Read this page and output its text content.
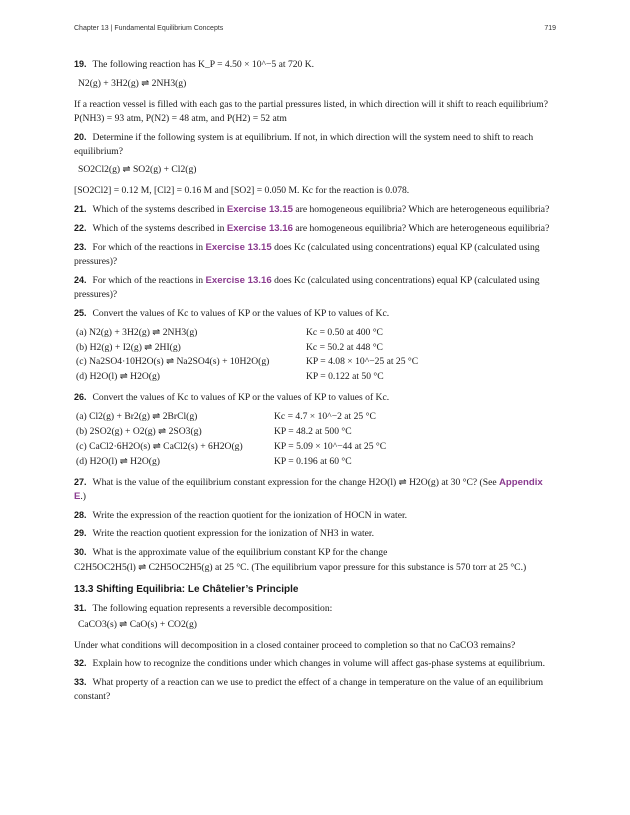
Chapter 13 | Fundamental Equilibrium Concepts	719

19. The following reaction has K_P = 4.50 × 10^−5 at 720 K.

N2(g) + 3H2(g) ⇌ 2NH3(g)

If a reaction vessel is filled with each gas to the partial pressures listed, in which direction will it shift to reach equilibrium? P(NH3) = 93 atm, P(N2) = 48 atm, and P(H2) = 52 atm

20. Determine if the following system is at equilibrium. If not, in which direction will the system need to shift to reach equilibrium?

SO2Cl2(g) ⇌ SO2(g) + Cl2(g)

[SO2Cl2] = 0.12 M, [Cl2] = 0.16 M and [SO2] = 0.050 M. Kc for the reaction is 0.078.

21. Which of the systems described in Exercise 13.15 are homogeneous equilibria? Which are heterogeneous equilibria?

22. Which of the systems described in Exercise 13.16 are homogeneous equilibria? Which are heterogeneous equilibria?

23. For which of the reactions in Exercise 13.15 does Kc (calculated using concentrations) equal KP (calculated using pressures)?

24. For which of the reactions in Exercise 13.16 does Kc (calculated using concentrations) equal KP (calculated using pressures)?

25. Convert the values of Kc to values of KP or the values of KP to values of Kc.

(a) N2(g) + 3H2(g) ⇌ 2NH3(g)	Kc = 0.50 at 400 °C
(b) H2(g) + I2(g) ⇌ 2HI(g)	Kc = 50.2 at 448 °C
(c) Na2SO4·10H2O(s) ⇌ Na2SO4(s) + 10H2O(g)	KP = 4.08 × 10^−25 at 25 °C
(d) H2O(l) ⇌ H2O(g)	KP = 0.122 at 50 °C

26. Convert the values of Kc to values of KP or the values of KP to values of Kc.

(a) Cl2(g) + Br2(g) ⇌ 2BrCl(g)	Kc = 4.7 × 10^−2 at 25 °C
(b) 2SO2(g) + O2(g) ⇌ 2SO3(g)	KP = 48.2 at 500 °C
(c) CaCl2·6H2O(s) ⇌ CaCl2(s) + 6H2O(g)	KP = 5.09 × 10^−44 at 25 °C
(d) H2O(l) ⇌ H2O(g)	KP = 0.196 at 60 °C

27. What is the value of the equilibrium constant expression for the change H2O(l) ⇌ H2O(g) at 30 °C? (See Appendix E.)

28. Write the expression of the reaction quotient for the ionization of HOCN in water.

29. Write the reaction quotient expression for the ionization of NH3 in water.

30. What is the approximate value of the equilibrium constant KP for the change

C2H5OC2H5(l) ⇌ C2H5OC2H5(g) at 25 °C. (The equilibrium vapor pressure for this substance is 570 torr at 25 °C.)

13.3 Shifting Equilibria: Le Châtelier’s Principle

31. The following equation represents a reversible decomposition:

CaCO3(s) ⇌ CaO(s) + CO2(g)

Under what conditions will decomposition in a closed container proceed to completion so that no CaCO3 remains?

32. Explain how to recognize the conditions under which changes in volume will affect gas-phase systems at equilibrium.

33. What property of a reaction can we use to predict the effect of a change in temperature on the value of an equilibrium constant?
